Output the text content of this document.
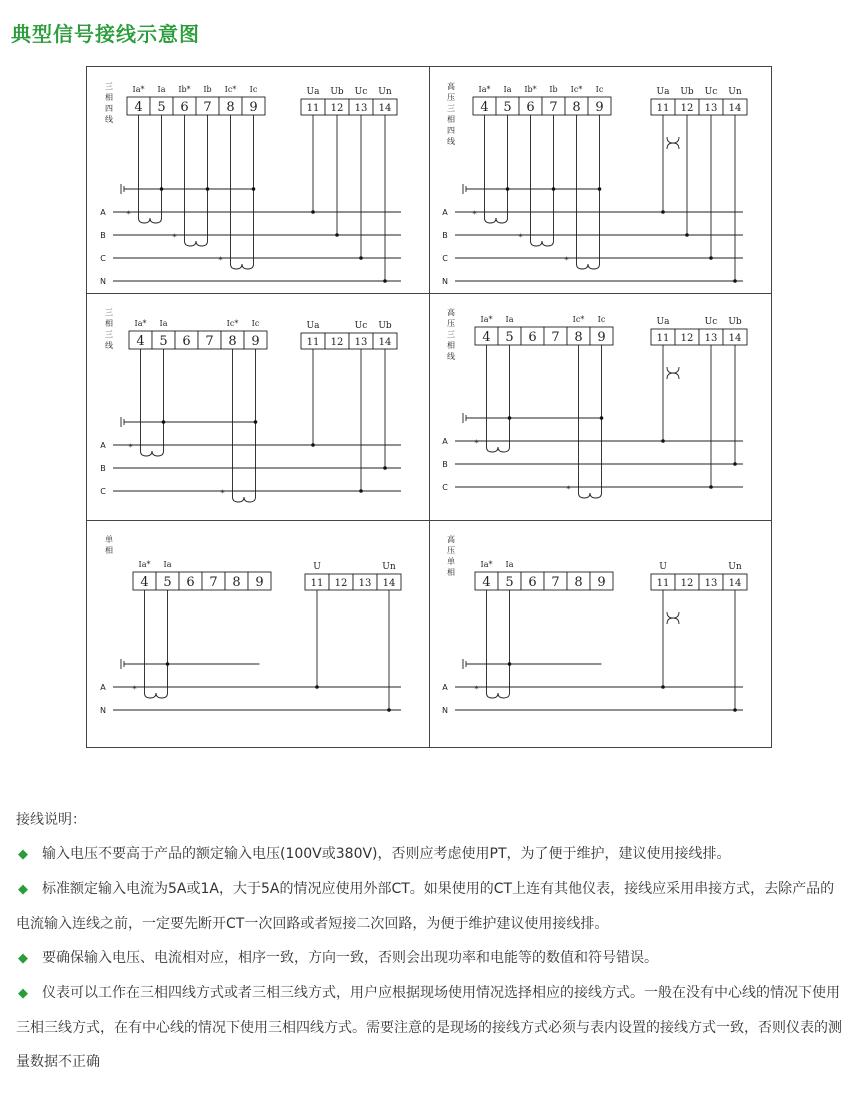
典型信号接线示意图
三
相
四
线
4 5 6 7 8 9
Ia* Ia Ib* Ib Ic* Ic
11 12 13 14
Ua Ub Uc Un
A
B
C
N
*
*
*
高
压
三
相
四
线
4 5 6 7 8 9
Ia* Ia Ib* Ib Ic* Ic
11 12 13 14
Ua Ub Uc Un
A
B
C
N
*
*
*
三
相
三
线 4 5 6 7 8 9
Ia* Ia	Ic* Ic
11 12 13 14
Ua	Uc Ub
A
B
C
*
*
高
压
三
相
线
4 5 6 7 8 9
Ia* Ia	Ic* Ic
11 12 13 14
Ua	Uc Ub
A
B
C
*
*
单
相
4 5 6 7 8 9
Ia* Ia
11 12 13 14
U	Un
A
N
*
高
压
单
相
4 5 6 7 8 9
Ia* Ia
11 12 13 14
U	Un
A
N
*
接线说明：
◆ 输入电压不要高于产品的额定输入电压(100V或380V)，否则应考虑使用PT，为了便于维护，建议使用接线排。
◆ 标准额定输入电流为5A或1A，大于5A的情况应使用外部CT。如果使用的CT上连有其他仪表，接线应采用串接方式，去除产品的电流输入连线之前，一定要先断开CT一次回路或者短接二次回路，为便于维护建议使用接线排。
◆ 要确保输入电压、电流相对应，相序一致，方向一致，否则会出现功率和电能等的数值和符号错误。
◆ 仪表可以工作在三相四线方式或者三相三线方式，用户应根据现场使用情况选择相应的接线方式。一般在没有中心线的情况下使用三相三线方式，在有中心线的情况下使用三相四线方式。需要注意的是现场的接线方式必须与表内设置的接线方式一致，否则仪表的测量数据不正确
